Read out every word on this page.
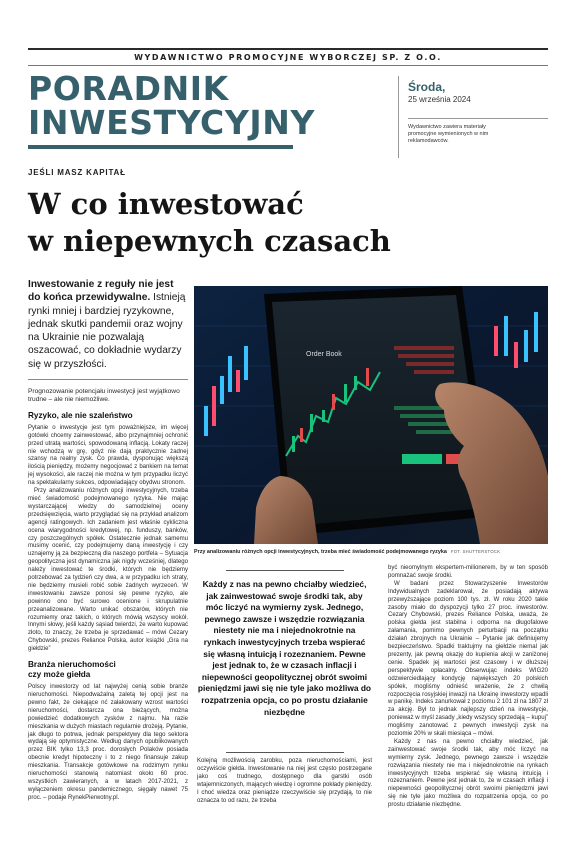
WYDAWNICTWO PROMOCYJNE WYBORCZEJ SP. Z O.O.
PORADNIK
INWESTYCYJNY
Środa,
25 września 2024
Wydawnictwo zawiera materiały promocyjne wymienionych w nim reklamodawców.
JEŚLI MASZ KAPITAŁ
W co inwestować
w niepewnych czasach
Inwestowanie z reguły nie jest do końca przewidywalne. Istnieją rynki mniej i bardziej ryzykowne, jednak skutki pandemii oraz wojny na Ukrainie nie pozwalają oszacować, co dokładnie wydarzy się w przyszłości.

Prognozowanie potencjału inwestycji jest wyjątkowo trudne – ale nie niemożliwe.

Ryzyko, ale nie szaleństwo

Pytanie o inwestycje jest tym poważniejsze, im więcej gotówki chcemy zainwestować, albo przynajmniej ochronić przed utratą wartości, spowodowaną inflacją. Lokaty raczej nie wchodzą w grę, gdyż nie dają praktycznie żadnej szansy na realny zysk. Co prawda, dysponując większą ilością pieniędzy, możemy negocjować z bankiem na temat jej wysokości, ale raczej nie można w tym przypadku liczyć na spektakularny sukces, odpowiadający obydwu stronom.

Przy analizowaniu różnych opcji inwestycyjnych, trzeba mieć świadomość podejmowanego ryzyka. Nie mając wystarczającej wiedzy do samodzielnej oceny przedsięwzięcia, warto przyglądać się na przykład analizom agencji ratingowych. Ich zadaniem jest właśnie cykliczna ocena wiarygodności kredytowej, np. funduszy, banków, czy poszczególnych spółek. Ostatecznie jednak samemu musimy ocenić, czy podejmujemy daną inwestycję i czy uznajemy ją za bezpieczną dla naszego portfela – Sytuacja geopolityczna jest dynamiczna jak nigdy wcześniej, dlatego należy inwestować te środki, których nie będziemy potrzebować za tydzień czy dwa, a w przypadku ich straty, nie będziemy musieli robić sobie żadnych wyrzeceń. W inwestowaniu zawsze ponosi się pewne ryzyko, ale powinno ono być surowo ocenione i skrupulatnie przeanalizowane. Warto unikać obszarów, których nie rozumiemy oraz takich, o których mówią wszyscy wokół. Innymi słowy, jeśli każdy sąsiad twierdzi, że warto kupować złoto, to znaczy, że trzeba je sprzedawać – mówi Cezary Chybowski, prezes Reliance Polska, autor książki „Gra na giełdzie”

Branża nieruchomości
czy może giełda

Polscy inwestorzy od lat najwyżej cenią sobie branże nieruchomości. Niepodważalną zaletą tej opcji jest na pewno fakt, że ciekające nć załakowany wzrost wartości nieruchomości, dostarcza ona bieżących, można powiedzieć dodatkowych zysków z najmu. Na razie mieszkania w dużych miastach regularnie drożeją. Pytanie, jak długo to potrwa, jednak perspektywy dla tego sektora wydają się optymistyczne. Według danych opublikowanych przez BIK tylko 13,3 proc. dorosłych Polaków posiada obecnie kredyt hipoteczny i to z niego finansuje zakup mieszkania. Transakcje gotówkowe na rodzimym rynku nieruchomości stanowią natomiast około 60 proc. wszystkich zawieranych, a w latach 2017-2021, z wyłączeniem okresu pandemicznego, sięgały nawet 75 proc. – podaje RynekPierwotny.pl.

Order Book
Przy analizowaniu różnych opcji inwestycyjnych, trzeba mieć świadomość podejmowanego ryzyka FOT. SHUTTERSTOCK
Każdy z nas na pewno chciałby wiedzieć, jak zainwestować swoje środki tak, aby móc liczyć na wymierny zysk. Jednego, pewnego zawsze i wszędzie rozwiązania niestety nie ma i niejednokrotnie na rynkach inwestycyjnych trzeba wspierać się własną intuicją i rozeznaniem. Pewne jest jednak to, że w czasach inflacji i niepewności geopolitycznej obrót swoimi pieniędzmi jawi się nie tyle jako możliwa do rozpatrzenia opcja, co po prostu działanie niezbędne

Kolejną możliwością zarobku, poza nieruchomościami, jest oczywiście giełda. Inwestowanie na niej jest często postrzegane jako coś trudnego, dostępnego dla garstki osób wtajemniczonych, mających wiedzę i ogromne pokłady pieniędzy. I choć wiedza oraz pieniądze rzeczywiście się przydają, to nie oznacza to od razu, że trzeba

być nieomylnym ekspertem-milionerem, by w ten sposób pomnażać swoje środki.

W badani przez Stowarzyszenie Inwestorów Indywidualnych zadeklarował, że posiadają aktywa przewyższające poziom 100 tys. zł. W roku 2020 takie zasoby miało do dyspozycji tylko 27 proc. inwestorów. Cezary Chybowski, prezes Reliance Polska, uważa, że polska giełda jest stabilna i odporna na długofalowe załamania, pomimo pewnych perturbacji na początku działań zbrojnych na Ukrainie – Pytanie jak definiujemy bezpieczeństwo. Spadki traktujmy na giełdzie niemal jak prezenty, jak pewną okazję do kupienia akcji w zaniżonej cenie. Spadek jej wartości jest czasowy i w dłuższej perspektywie opłacalny. Obserwując indeks WIG20 odzwierciedlający kondycję największych 20 polskich spółek, mogliśmy odnieść wrażenie, że z chwilą rozpoczęcia rosyjskiej inwazji na Ukrainę inwestorzy wpadli w panikę. Indeks zanurkował z poziomu 2 101 zł na 1807 zł za akcję. Był to jednak najlepszy dzień na inwestycje, ponieważ w myśl zasady „kiedy wszyscy sprzedają – kupuj” mogliśmy zanotować z pewnych inwestycji zysk na poziomie 20% w skali miesiąca – mówi.

Każdy z nas na pewno chciałby wiedzieć, jak zainwestować swoje środki tak, aby móc liczyć na wymierny zysk. Jednego, pewnego zawsze i wszędzie rozwiązania niestety nie ma i niejednokrotnie na rynkach inwestycyjnych trzeba wspierać się własną intuicją i rozeznaniem. Pewne jest jednak to, że w czasach inflacji i niepewności geopolitycznej obrót swoimi pieniędzmi jawi się nie tyle jako możliwa do rozpatrzenia opcja, co po prostu działanie niezbędne.
